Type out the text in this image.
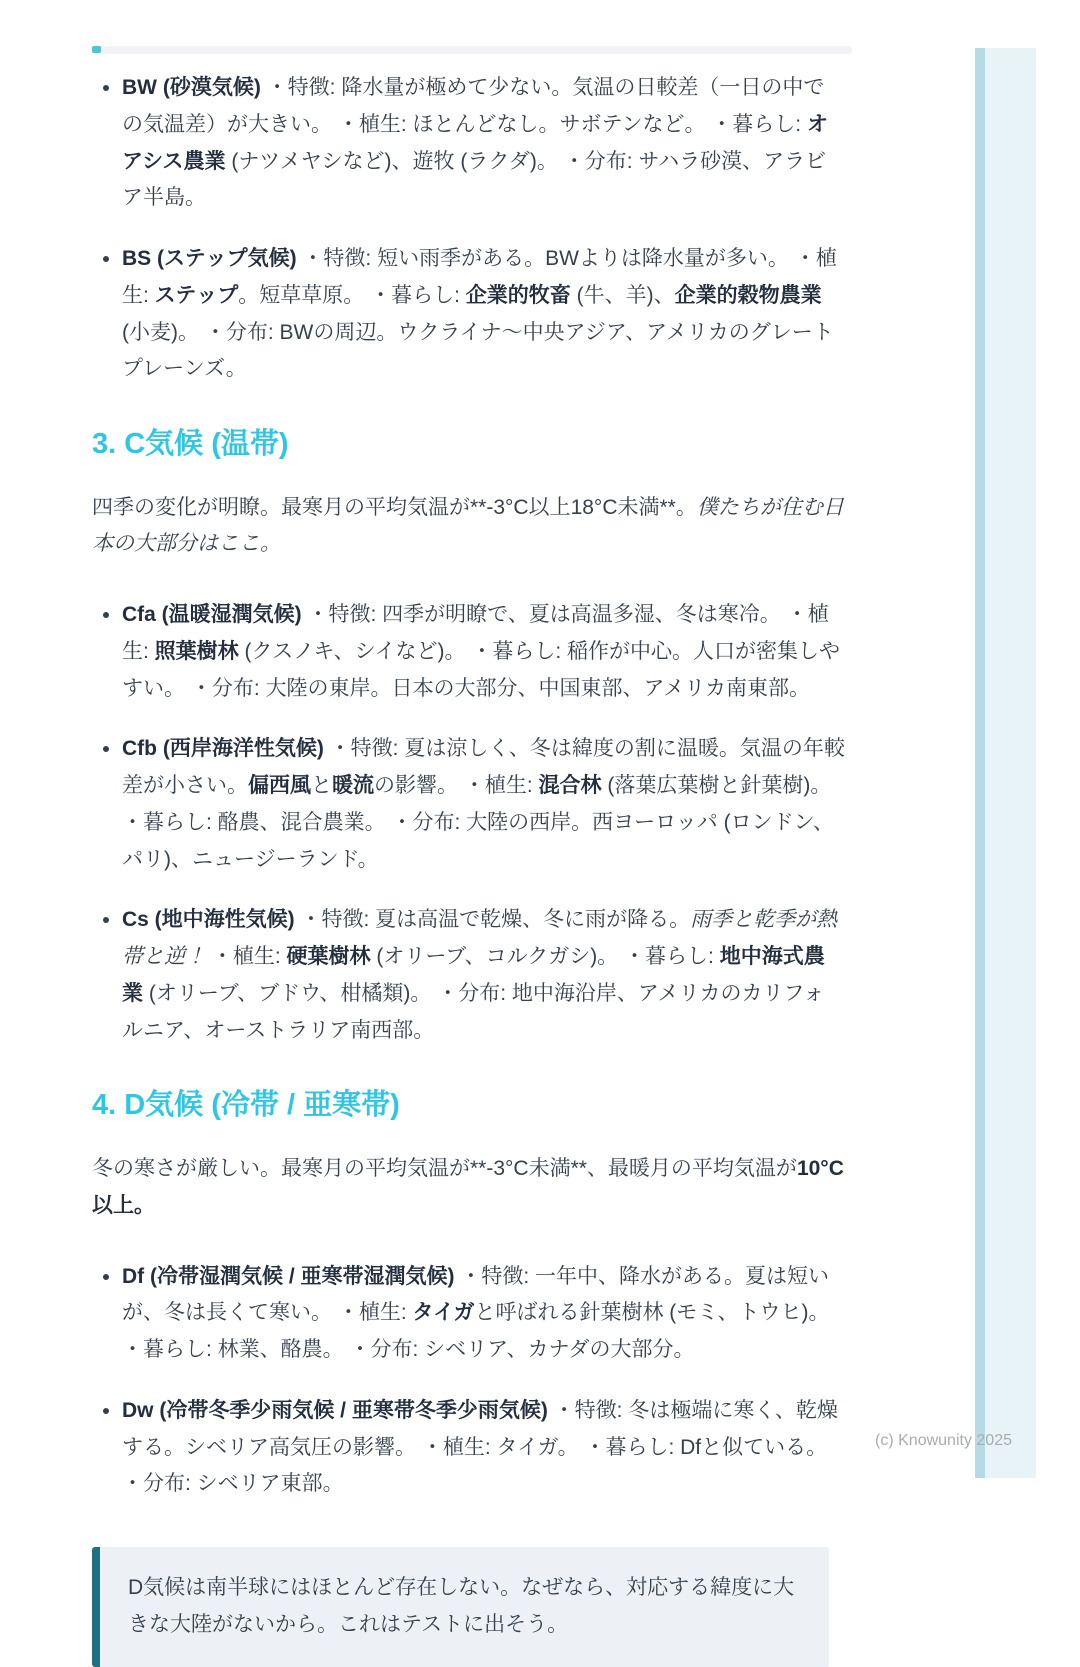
• BW (砂漠気候) ・特徴: 降水量が極めて少ない。気温の日較差（一日の中での気温差）が大きい。 ・植生: ほとんどなし。サボテンなど。 ・暮らし: オアシス農業 (ナツメヤシなど)、遊牧 (ラクダ)。 ・分布: サハラ砂漠、アラビア半島。
• BS (ステップ気候) ・特徴: 短い雨季がある。BWよりは降水量が多い。 ・植生: ステップ。短草草原。 ・暮らし: 企業的牧畜 (牛、羊)、企業的穀物農業 (小麦)。 ・分布: BWの周辺。ウクライナ〜中央アジア、アメリカのグレートプレーンズ。
3. C気候 (温帯)

四季の変化が明瞭。最寒月の平均気温が**-3°C以上18°C未満**。僕たちが住む日本の大部分はここ。

• Cfa (温暖湿潤気候) ・特徴: 四季が明瞭で、夏は高温多湿、冬は寒冷。 ・植生: 照葉樹林 (クスノキ、シイなど)。 ・暮らし: 稲作が中心。人口が密集しやすい。 ・分布: 大陸の東岸。日本の大部分、中国東部、アメリカ南東部。
• Cfb (西岸海洋性気候) ・特徴: 夏は涼しく、冬は緯度の割に温暖。気温の年較差が小さい。偏西風と暖流の影響。 ・植生: 混合林 (落葉広葉樹と針葉樹)。 ・暮らし: 酪農、混合農業。 ・分布: 大陸の西岸。西ヨーロッパ (ロンドン、パリ)、ニュージーランド。
• Cs (地中海性気候) ・特徴: 夏は高温で乾燥、冬に雨が降る。雨季と乾季が熱帯と逆！ ・植生: 硬葉樹林 (オリーブ、コルクガシ)。 ・暮らし: 地中海式農業 (オリーブ、ブドウ、柑橘類)。 ・分布: 地中海沿岸、アメリカのカリフォルニア、オーストラリア南西部。
4. D気候 (冷帯 / 亜寒帯)

冬の寒さが厳しい。最寒月の平均気温が**-3°C未満**、最暖月の平均気温が10°C以上。

• Df (冷帯湿潤気候 / 亜寒帯湿潤気候) ・特徴: 一年中、降水がある。夏は短いが、冬は長くて寒い。 ・植生: タイガと呼ばれる針葉樹林 (モミ、トウヒ)。 ・暮らし: 林業、酪農。 ・分布: シベリア、カナダの大部分。
• Dw (冷帯冬季少雨気候 / 亜寒帯冬季少雨気候) ・特徴: 冬は極端に寒く、乾燥する。シベリア高気圧の影響。 ・植生: タイガ。 ・暮らし: Dfと似ている。 ・分布: シベリア東部。

D気候は南半球にはほとんど存在しない。なぜなら、対応する緯度に大きな大陸がないから。これはテストに出そう。

(c) Knowunity 2025
